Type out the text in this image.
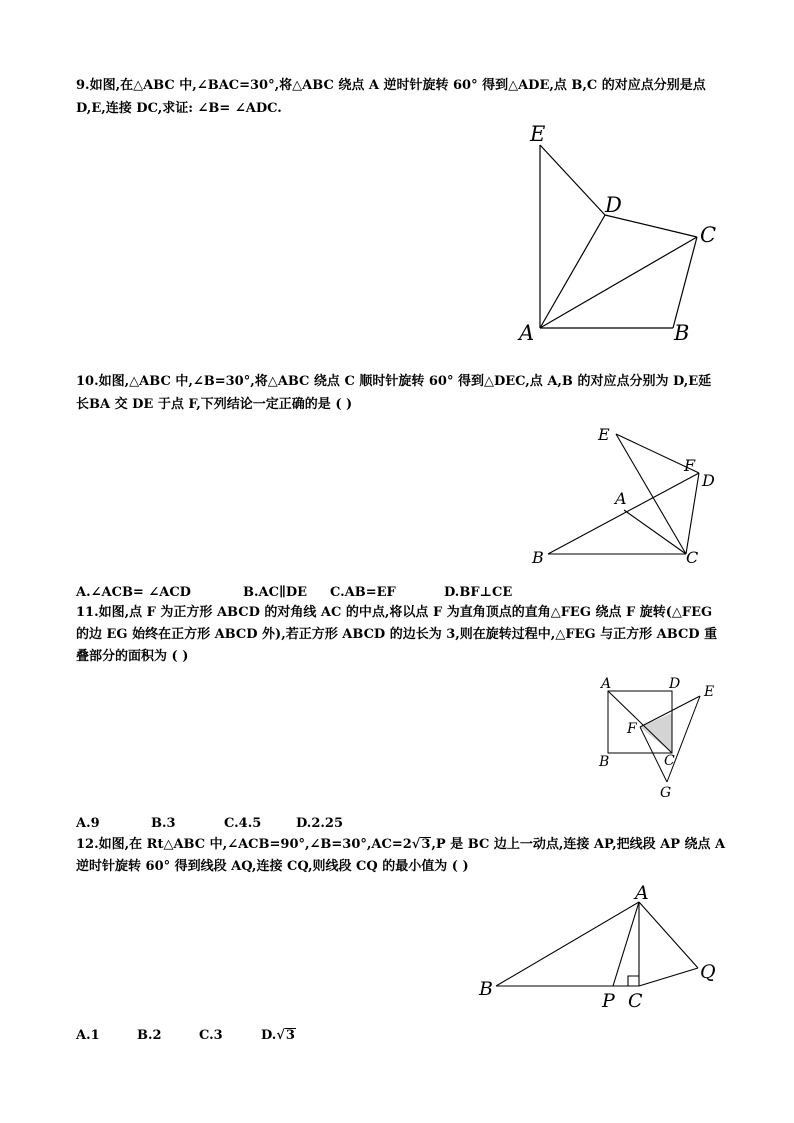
9.如图,在△ABC 中,∠BAC=30°,将△ABC 绕点 A 逆时针旋转 60° 得到△ADE,点 B,C 的对应点分别是点
D,E,连接 DC,求证: ∠B= ∠ADC.
E
D
C
A	B
10.如图,△ABC 中,∠B=30°,将△ABC 绕点 C 顺时针旋转 60° 得到△DEC,点 A,B 的对应点分别为 D,E延
长BA 交 DE 于点 F,下列结论一定正确的是 ( )
E
F
D
A
B	C
A.∠ACB= ∠ACD	B.AC∥DE C.AB=EF	D.BF⊥CE
11.如图,点 F 为正方形 ABCD 的对角线 AC 的中点,将以点 F 为直角顶点的直角△FEG 绕点 F 旋转(△FEG
的边 EG 始终在正方形 ABCD 外),若正方形 ABCD 的边长为 3,则在旋转过程中,△FEG 与正方形 ABCD 重
叠部分的面积为 ( )
A	D E
F
B	C
G
A.9	B.3	C.4.5	D.2.25
12.如图,在 Rt△ABC 中,∠ACB=90°,∠B=30°,AC=2√3,P 是 BC 边上一动点,连接 AP,把线段 AP 绕点 A
逆时针旋转 60° 得到线段 AQ,连接 CQ,则线段 CQ 的最小值为 ( )
A
B
P C
Q
A.1	B.2	C.3	D.√3
